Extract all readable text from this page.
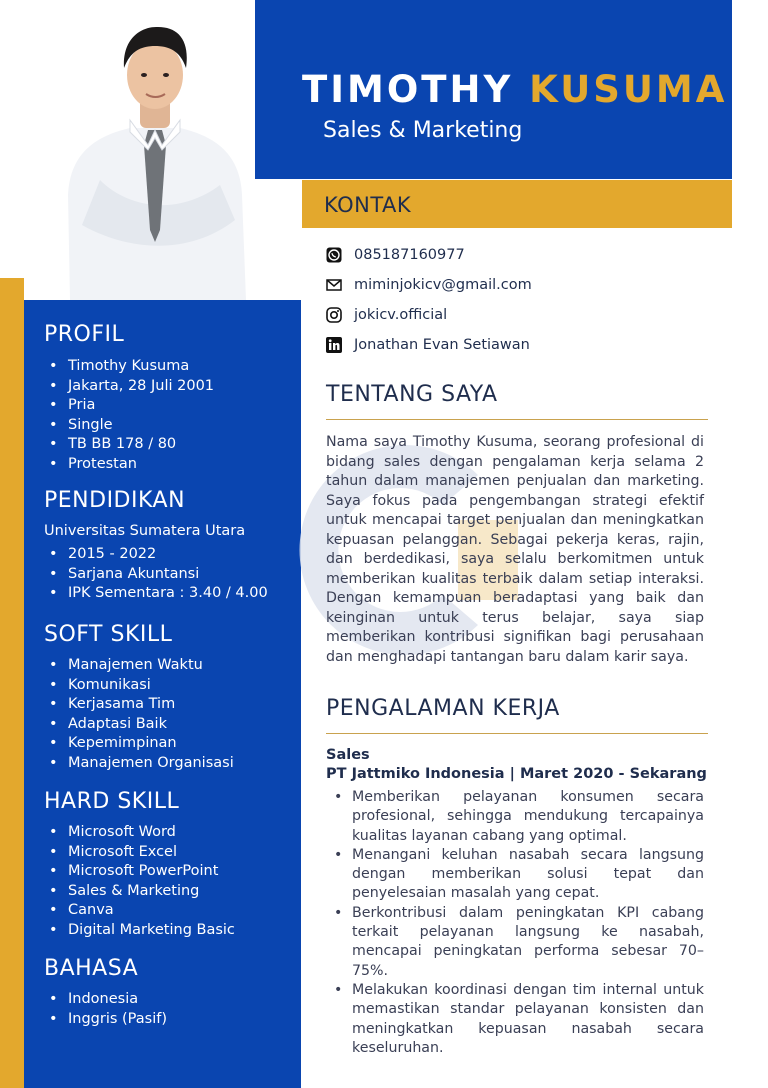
TIMOTHY KUSUMA
Sales & Marketing
KONTAK
085187160977
miminjokicv@gmail.com
jokicv.official
Jonathan Evan Setiawan
PROFIL
• Timothy Kusuma
• Jakarta, 28 Juli 2001
• Pria
• Single
• TB BB 178 / 80
• Protestan
PENDIDIKAN
Universitas Sumatera Utara
• 2015 - 2022
• Sarjana Akuntansi
• IPK Sementara : 3.40 / 4.00
SOFT SKILL
• Manajemen Waktu
• Komunikasi
• Kerjasama Tim
• Adaptasi Baik
• Kepemimpinan
• Manajemen Organisasi
HARD SKILL
• Microsoft Word
• Microsoft Excel
• Microsoft PowerPoint
• Sales & Marketing
• Canva
• Digital Marketing Basic
BAHASA
• Indonesia
• Inggris (Pasif)
TENTANG SAYA
Nama saya Timothy Kusuma, seorang profesional di bidang sales dengan pengalaman kerja selama 2 tahun dalam manajemen penjualan dan marketing. Saya fokus pada pengembangan strategi efektif untuk mencapai target penjualan dan meningkatkan kepuasan pelanggan. Sebagai pekerja keras, rajin, dan berdedikasi, saya selalu berkomitmen untuk memberikan kualitas terbaik dalam setiap interaksi. Dengan kemampuan beradaptasi yang baik dan keinginan untuk terus belajar, saya siap memberikan kontribusi signifikan bagi perusahaan dan menghadapi tantangan baru dalam karir saya.
PENGALAMAN KERJA
Sales
PT Jattmiko Indonesia | Maret 2020 - Sekarang
• Memberikan pelayanan konsumen secara profesional, sehingga mendukung tercapainya kualitas layanan cabang yang optimal.
• Menangani keluhan nasabah secara langsung dengan memberikan solusi tepat dan penyelesaian masalah yang cepat.
• Berkontribusi dalam peningkatan KPI cabang terkait pelayanan langsung ke nasabah, mencapai peningkatan performa sebesar 70–75%.
• Melakukan koordinasi dengan tim internal untuk memastikan standar pelayanan konsisten dan meningkatkan kepuasan nasabah secara keseluruhan.
